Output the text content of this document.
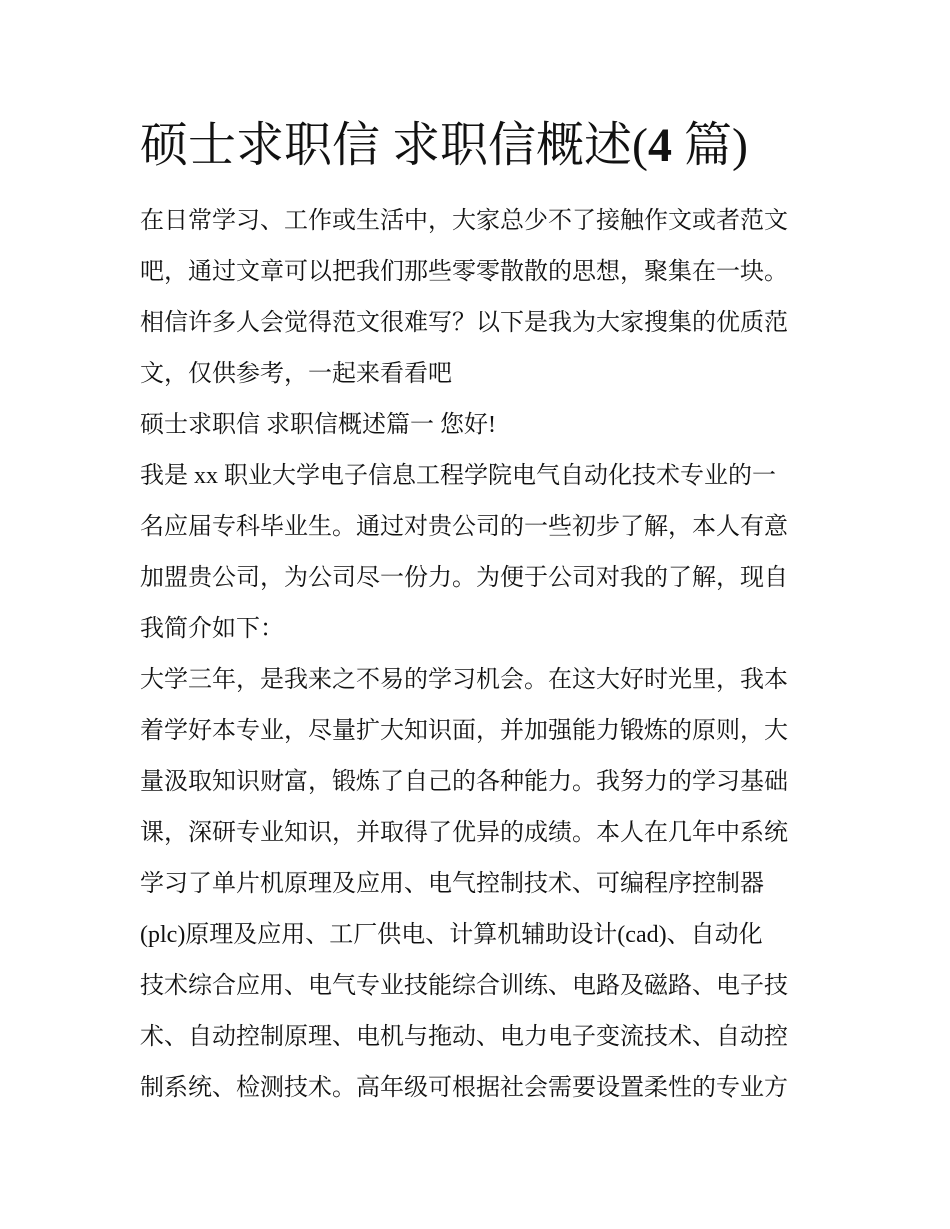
硕士求职信 求职信概述(4 篇)
在日常学习、工作或生活中，大家总少不了接触作文或者范文
吧，通过文章可以把我们那些零零散散的思想，聚集在一块。
相信许多人会觉得范文很难写？以下是我为大家搜集的优质范
文，仅供参考，一起来看看吧
硕士求职信 求职信概述篇一 您好!
我是 xx 职业大学电子信息工程学院电气自动化技术专业的一
名应届专科毕业生。通过对贵公司的一些初步了解，本人有意
加盟贵公司，为公司尽一份力。为便于公司对我的了解，现自
我简介如下：
大学三年，是我来之不易的学习机会。在这大好时光里，我本
着学好本专业，尽量扩大知识面，并加强能力锻炼的原则，大
量汲取知识财富，锻炼了自己的各种能力。我努力的学习基础
课，深研专业知识，并取得了优异的成绩。本人在几年中系统
学习了单片机原理及应用、电气控制技术、可编程序控制器
(plc)原理及应用、工厂供电、计算机辅助设计(cad)、自动化
技术综合应用、电气专业技能综合训练、电路及磁路、电子技
术、自动控制原理、电机与拖动、电力电子变流技术、自动控
制系统、检测技术。高年级可根据社会需要设置柔性的专业方
